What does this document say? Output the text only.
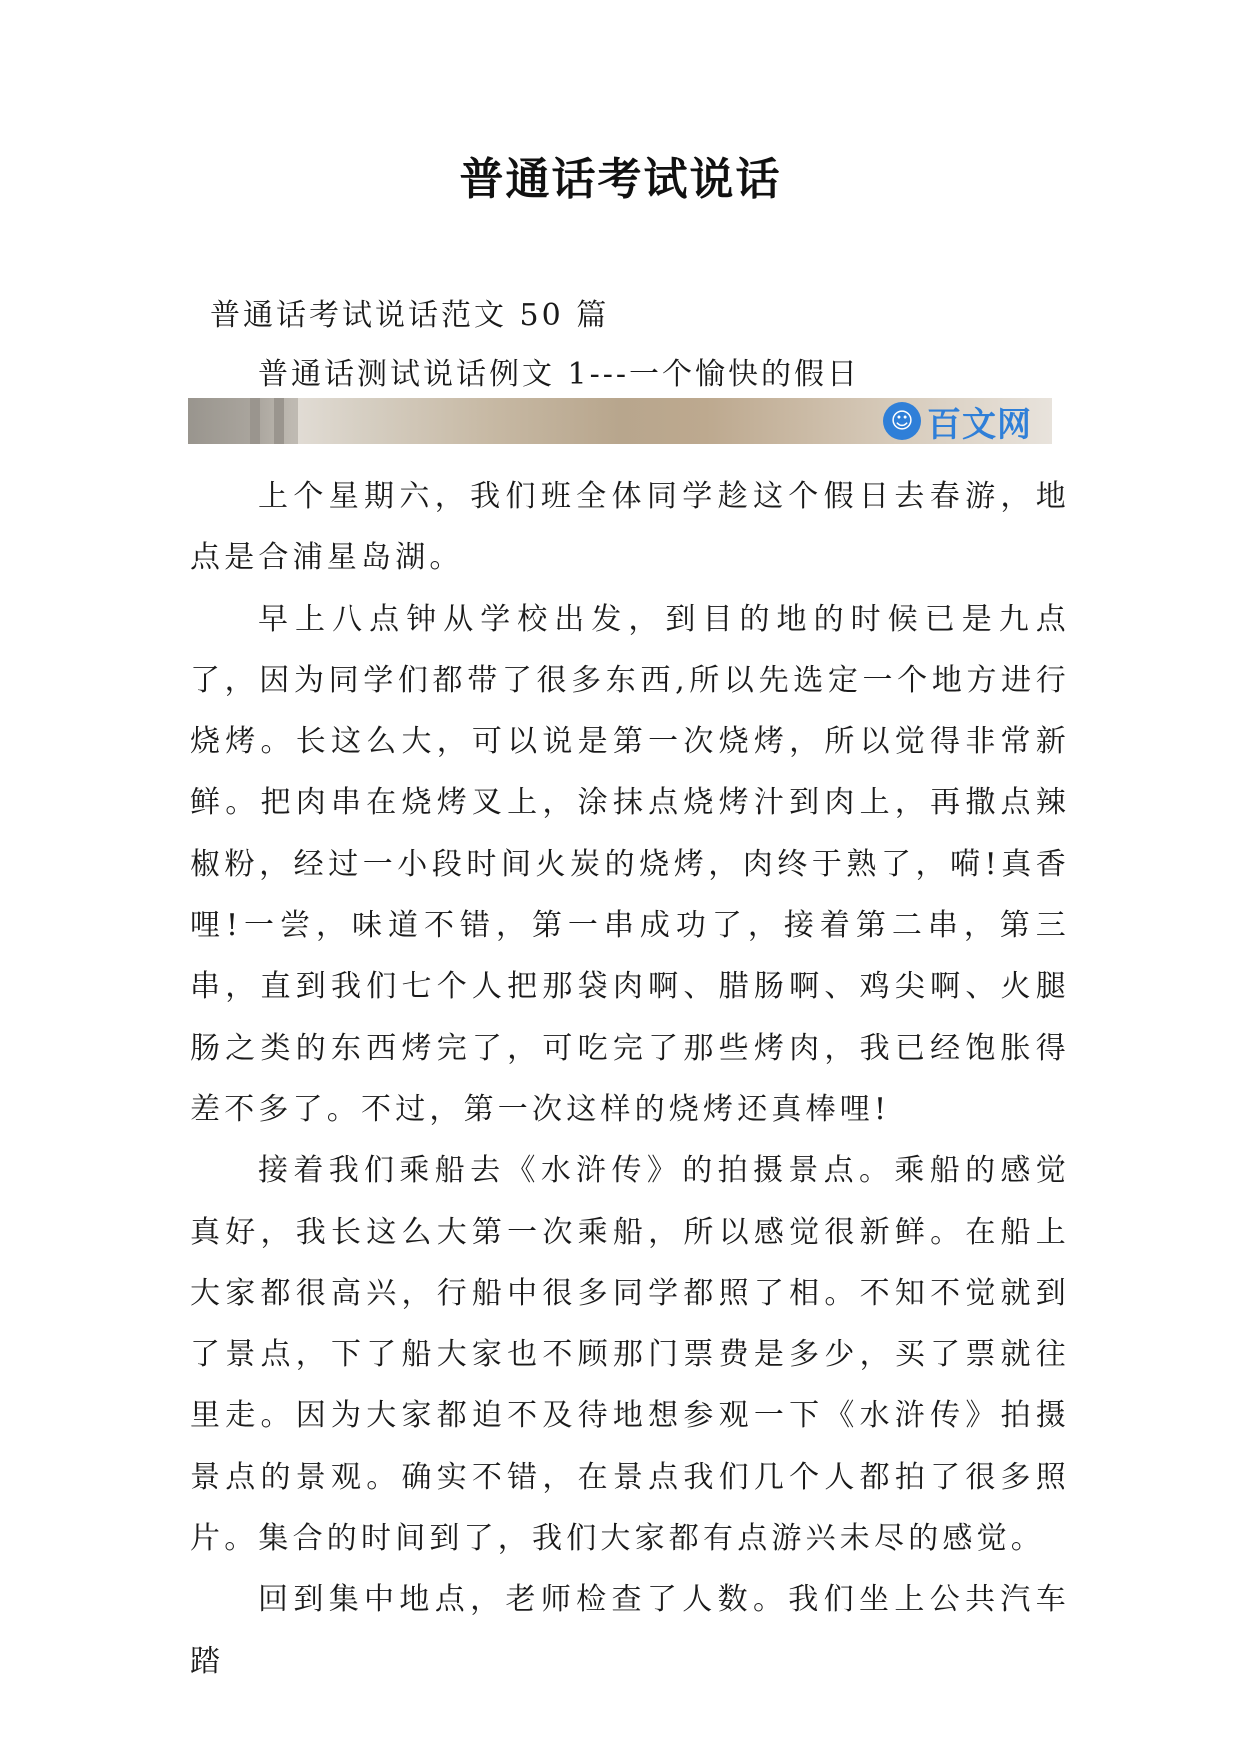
普通话考试说话
普通话考试说话范文 50 篇
普通话测试说话例文 1---一个愉快的假日
☺ 百文网

上个星期六，我们班全体同学趁这个假日去春游，地点是合浦星岛湖。

早上八点钟从学校出发，到目的地的时候已是九点了，因为同学们都带了很多东西,所以先选定一个地方进行烧烤。长这么大，可以说是第一次烧烤，所以觉得非常新鲜。把肉串在烧烤叉上，涂抹点烧烤汁到肉上，再撒点辣椒粉，经过一小段时间火炭的烧烤，肉终于熟了，嗬!真香哩!一尝，味道不错，第一串成功了，接着第二串，第三串，直到我们七个人把那袋肉啊、腊肠啊、鸡尖啊、火腿肠之类的东西烤完了，可吃完了那些烤肉，我已经饱胀得差不多了。不过，第一次这样的烧烤还真棒哩!

接着我们乘船去《水浒传》的拍摄景点。乘船的感觉真好，我长这么大第一次乘船，所以感觉很新鲜。在船上大家都很高兴，行船中很多同学都照了相。不知不觉就到了景点，下了船大家也不顾那门票费是多少，买了票就往里走。因为大家都迫不及待地想参观一下《水浒传》拍摄景点的景观。确实不错，在景点我们几个人都拍了很多照片。集合的时间到了，我们大家都有点游兴未尽的感觉。

回到集中地点，老师检查了人数。我们坐上公共汽车踏
